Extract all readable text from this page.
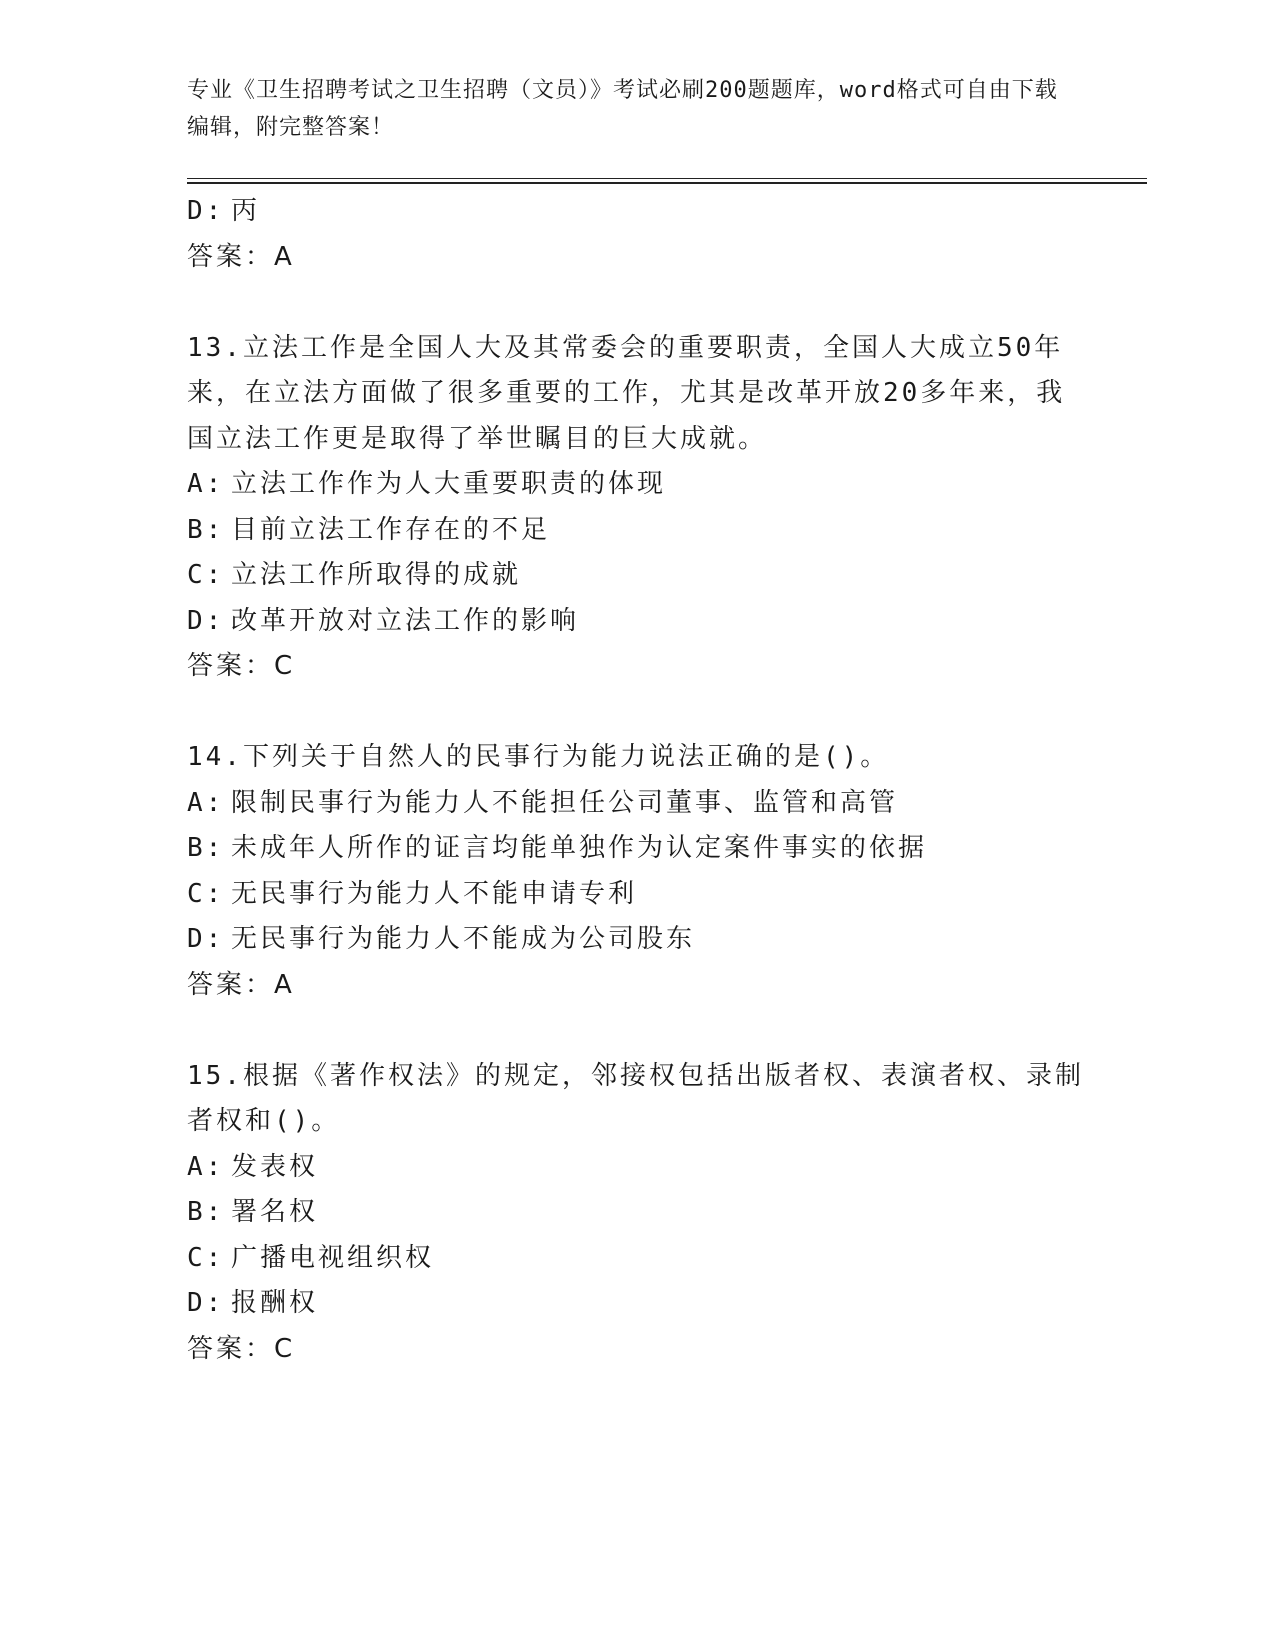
专业《卫生招聘考试之卫生招聘（文员）》考试必刷200题题库，word格式可自由下载编辑，附完整答案！
D: 丙
答案：A
13.立法工作是全国人大及其常委会的重要职责，全国人大成立50年来，在立法方面做了很多重要的工作，尤其是改革开放20多年来，我国立法工作更是取得了举世瞩目的巨大成就。
A: 立法工作作为人大重要职责的体现
B: 目前立法工作存在的不足
C: 立法工作所取得的成就
D: 改革开放对立法工作的影响
答案：C
14.下列关于自然人的民事行为能力说法正确的是()。
A: 限制民事行为能力人不能担任公司董事、监管和高管
B: 未成年人所作的证言均能单独作为认定案件事实的依据
C: 无民事行为能力人不能申请专利
D: 无民事行为能力人不能成为公司股东
答案：A
15.根据《著作权法》的规定，邻接权包括出版者权、表演者权、录制者权和()。
A: 发表权
B: 署名权
C: 广播电视组织权
D: 报酬权
答案：C
